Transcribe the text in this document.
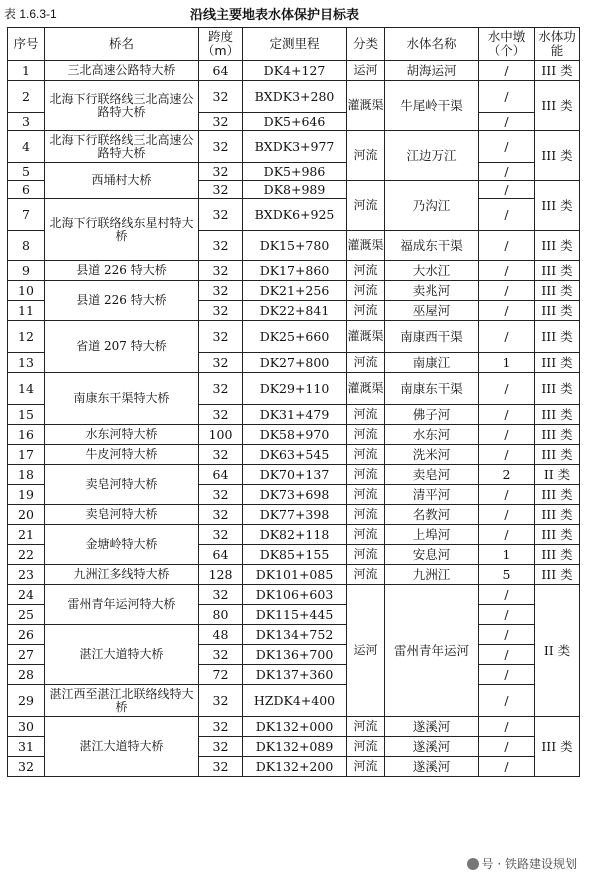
表 1.6.3-1	沿线主要地表水体保护目标表
序号	桥名	跨度（m）	定测里程	分类	水体名称	水中墩（个）	水体功能
1	三北高速公路特大桥	64	DK4+127	运河	胡海运河	/	III 类
2	北海下行联络线三北高速公路特大桥	32	BXDK3+280	灌溉渠	牛尾岭干渠	/	III 类
3		32	DK5+646			/	
4	北海下行联络线三北高速公路特大桥	32	BXDK3+977	河流	江边万江	/	III 类
5	西埇村大桥	32	DK5+986			/	
6		32	DK8+989	河流	乃沟江	/	III 类
7	北海下行联络线东星村特大桥	32	BXDK6+925			/	
8		32	DK15+780	灌溉渠	福成东干渠	/	III 类
9	县道 226 特大桥	32	DK17+860	河流	大水江	/	III 类
10	县道 226 特大桥	32	DK21+256	河流	卖兆河	/	III 类
11		32	DK22+841	河流	巫屋河	/	III 类
12	省道 207 特大桥	32	DK25+660	灌溉渠	南康西干渠	/	III 类
13		32	DK27+800	河流	南康江	1	III 类
14	南康东干渠特大桥	32	DK29+110	灌溉渠	南康东干渠	/	III 类
15		32	DK31+479	河流	佛子河	/	III 类
16	水东河特大桥	100	DK58+970	河流	水东河	/	III 类
17	牛皮河特大桥	32	DK63+545	河流	洗米河	/	III 类
18	卖皂河特大桥	64	DK70+137	河流	卖皂河	2	II 类
19		32	DK73+698	河流	清平河	/	III 类
20	卖皂河特大桥	32	DK77+398	河流	名教河	/	III 类
21	金塘岭特大桥	32	DK82+118	河流	上埠河	/	III 类
22		64	DK85+155	河流	安息河	1	III 类
23	九洲江多线特大桥	128	DK101+085	河流	九洲江	5	III 类
24	雷州青年运河特大桥	32	DK106+603	运河	雷州青年运河	/	II 类
25		80	DK115+445			/	
26	湛江大道特大桥	48	DK134+752			/	
27		32	DK136+700			/	
28		72	DK137+360			/	
29	湛江西至湛江北联络线特大桥	32	HZDK4+400			/	
30	湛江大道特大桥	32	DK132+000	河流	遂溪河	/	III 类
31		32	DK132+089	河流	遂溪河	/	
32		32	DK132+200	河流	遂溪河	/	
号 · 铁路建设规划
